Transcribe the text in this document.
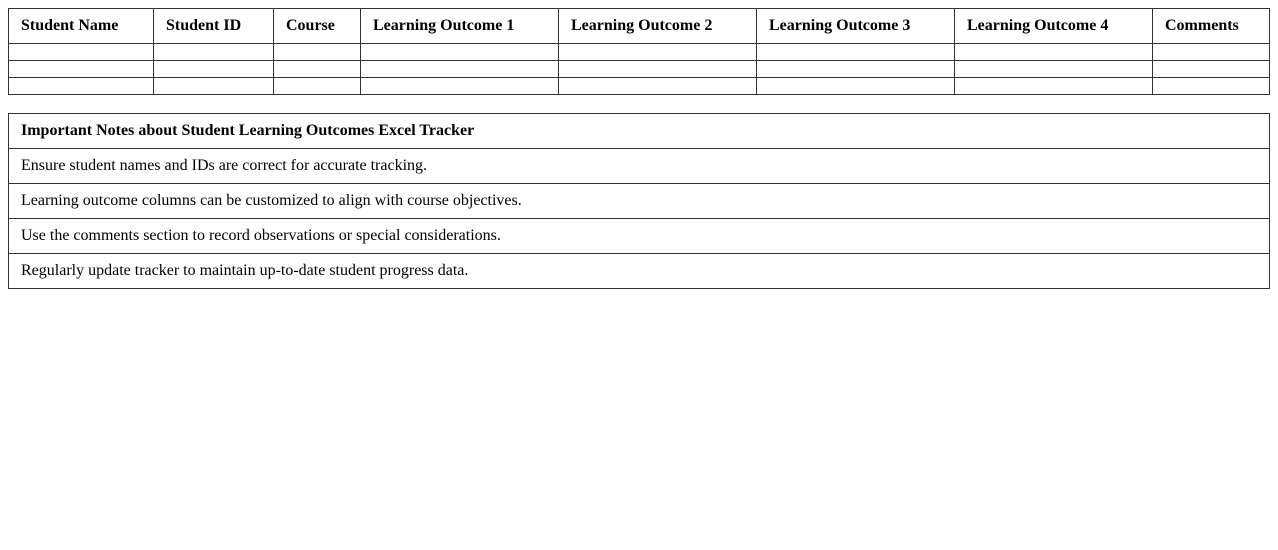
Student Name	Student ID	Course	Learning Outcome 1	Learning Outcome 2	Learning Outcome 3	Learning Outcome 4	Comments

Important Notes about Student Learning Outcomes Excel Tracker
Ensure student names and IDs are correct for accurate tracking.
Learning outcome columns can be customized to align with course objectives.
Use the comments section to record observations or special considerations.
Regularly update tracker to maintain up-to-date student progress data.
